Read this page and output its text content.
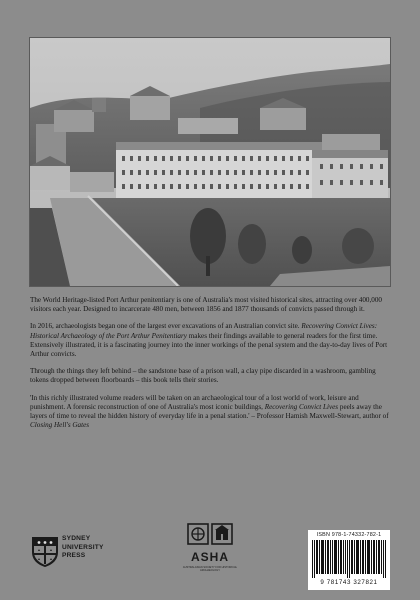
The World Heritage-listed Port Arthur penitentiary is one of Australia's most visited historical sites, attracting over 400,000 visitors each year. Designed to incarcerate 480 men, between 1856 and 1877 thousands of convicts passed through it.

In 2016, archaeologists began one of the largest ever excavations of an Australian convict site. Recovering Convict Lives: Historical Archaeology of the Port Arthur Penitentiary makes their findings available to general readers for the first time. Extensively illustrated, it is a fascinating journey into the inner workings of the penal system and the day-to-day lives of Port Arthur convicts.

Through the things they left behind – the sandstone base of a prison wall, a clay pipe discarded in a washroom, gambling tokens dropped between floorboards – this book tells their stories.

'In this richly illustrated volume readers will be taken on an archaeological tour of a lost world of work, leisure and punishment. A forensic reconstruction of one of Australia's most iconic buildings, Recovering Convict Lives peels away the layers of time to reveal the hidden history of everyday life in a penal station.' – Professor Hamish Maxwell-Stewart, author of Closing Hell's Gates

SYDNEY
UNIVERSITY
PRESS	ASHA
AUSTRALASIAN SOCIETY FOR HISTORICAL ARCHAEOLOGY
ISBN 978-1-74332-782-1
9 781743 327821
